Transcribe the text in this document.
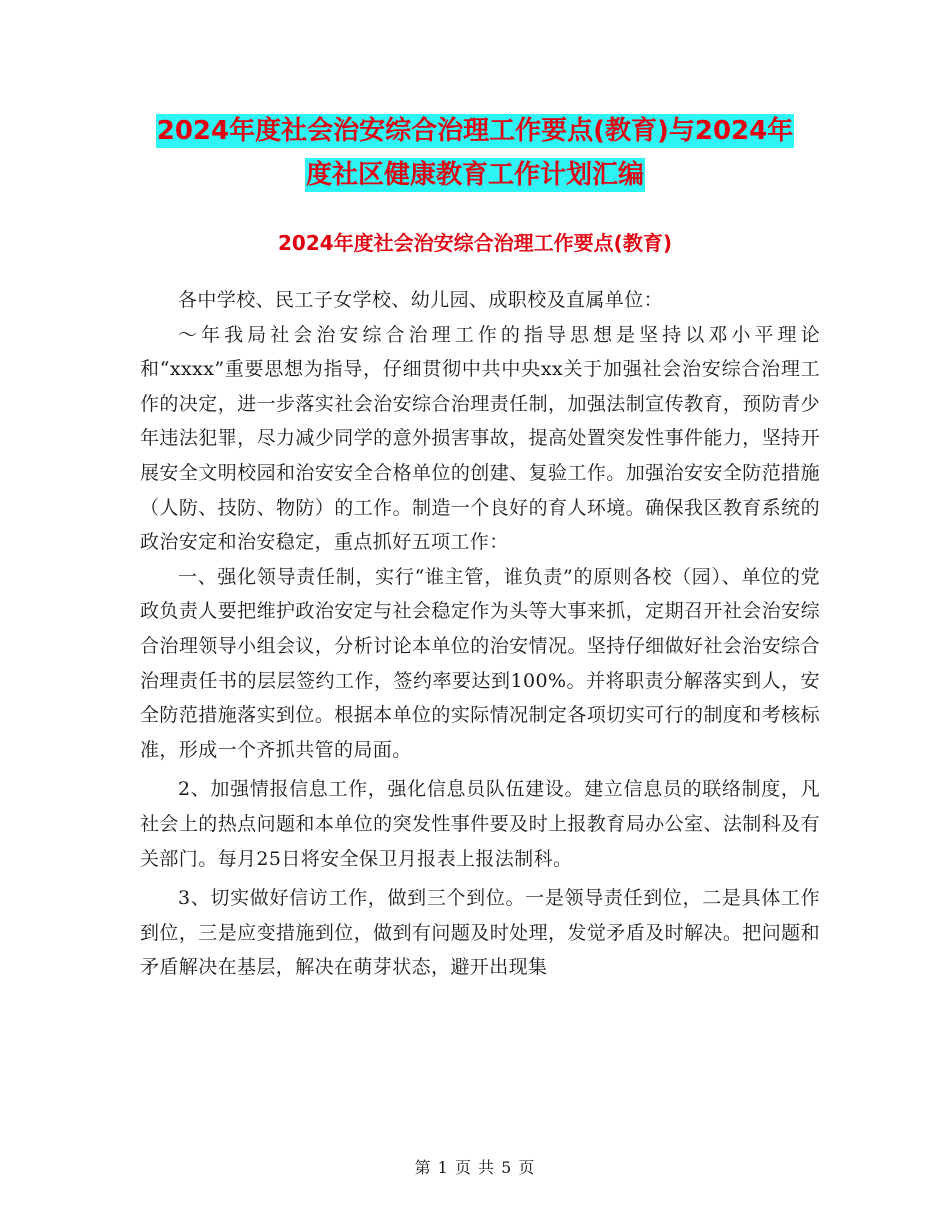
2024年度社会治安综合治理工作要点(教育)与2024年
度社区健康教育工作计划汇编
2024年度社会治安综合治理工作要点(教育)

各中学校、民工子女学校、幼儿园、成职校及直属单位：

～年我局社会治安综合治理工作的指导思想是坚持以邓小平理论和“xxxx”重要思想为指导，仔细贯彻中共中央xx关于加强社会治安综合治理工作的决定，进一步落实社会治安综合治理责任制，加强法制宣传教育，预防青少年违法犯罪，尽力减少同学的意外损害事故，提高处置突发性事件能力，坚持开展安全文明校园和治安安全合格单位的创建、复验工作。加强治安安全防范措施（人防、技防、物防）的工作。制造一个良好的育人环境。确保我区教育系统的政治安定和治安稳定，重点抓好五项工作：

一、强化领导责任制，实行“谁主管，谁负责”的原则各校（园）、单位的党政负责人要把维护政治安定与社会稳定作为头等大事来抓，定期召开社会治安综合治理领导小组会议，分析讨论本单位的治安情况。坚持仔细做好社会治安综合治理责任书的层层签约工作，签约率要达到100%。并将职责分解落实到人，安全防范措施落实到位。根据本单位的实际情况制定各项切实可行的制度和考核标准，形成一个齐抓共管的局面。

2、加强情报信息工作，强化信息员队伍建设。建立信息员的联络制度，凡社会上的热点问题和本单位的突发性事件要及时上报教育局办公室、法制科及有关部门。每月25日将安全保卫月报表上报法制科。

3、切实做好信访工作，做到三个到位。一是领导责任到位，二是具体工作到位，三是应变措施到位，做到有问题及时处理，发觉矛盾及时解决。把问题和矛盾解决在基层，解决在萌芽状态，避开出现集

第 1 页 共 5 页
